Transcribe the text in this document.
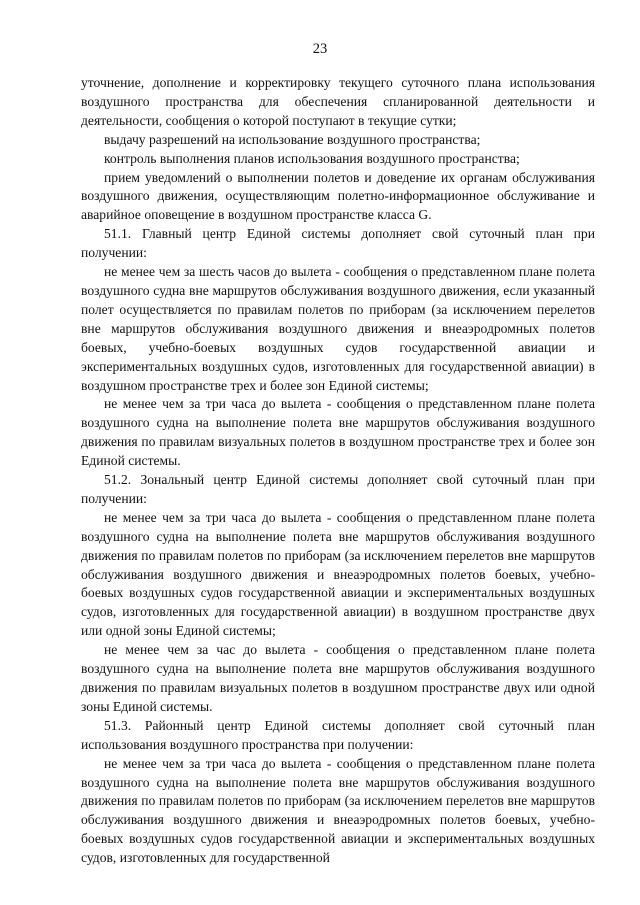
23

уточнение, дополнение и корректировку текущего суточного плана использования воздушного пространства для обеспечения спланированной деятельности и деятельности, сообщения о которой поступают в текущие сутки;

выдачу разрешений на использование воздушного пространства;

контроль выполнения планов использования воздушного пространства;

прием уведомлений о выполнении полетов и доведение их органам обслуживания воздушного движения, осуществляющим полетно-информационное обслуживание и аварийное оповещение в воздушном пространстве класса G.

51.1. Главный центр Единой системы дополняет свой суточный план при получении:

не менее чем за шесть часов до вылета - сообщения о представленном плане полета воздушного судна вне маршрутов обслуживания воздушного движения, если указанный полет осуществляется по правилам полетов по приборам (за исключением перелетов вне маршрутов обслуживания воздушного движения и внеаэродромных полетов боевых, учебно-боевых воздушных судов государственной авиации и экспериментальных воздушных судов, изготовленных для государственной авиации) в воздушном пространстве трех и более зон Единой системы;

не менее чем за три часа до вылета - сообщения о представленном плане полета воздушного судна на выполнение полета вне маршрутов обслуживания воздушного движения по правилам визуальных полетов в воздушном пространстве трех и более зон Единой системы.

51.2. Зональный центр Единой системы дополняет свой суточный план при получении:

не менее чем за три часа до вылета - сообщения о представленном плане полета воздушного судна на выполнение полета вне маршрутов обслуживания воздушного движения по правилам полетов по приборам (за исключением перелетов вне маршрутов обслуживания воздушного движения и внеаэродромных полетов боевых, учебно-боевых воздушных судов государственной авиации и экспериментальных воздушных судов, изготовленных для государственной авиации) в воздушном пространстве двух или одной зоны Единой системы;

не менее чем за час до вылета - сообщения о представленном плане полета воздушного судна на выполнение полета вне маршрутов обслуживания воздушного движения по правилам визуальных полетов в воздушном пространстве двух или одной зоны Единой системы.

51.3. Районный центр Единой системы дополняет свой суточный план использования воздушного пространства при получении:

не менее чем за три часа до вылета - сообщения о представленном плане полета воздушного судна на выполнение полета вне маршрутов обслуживания воздушного движения по правилам полетов по приборам (за исключением перелетов вне маршрутов обслуживания воздушного движения и внеаэродромных полетов боевых, учебно-боевых воздушных судов государственной авиации и экспериментальных воздушных судов, изготовленных для государственной
